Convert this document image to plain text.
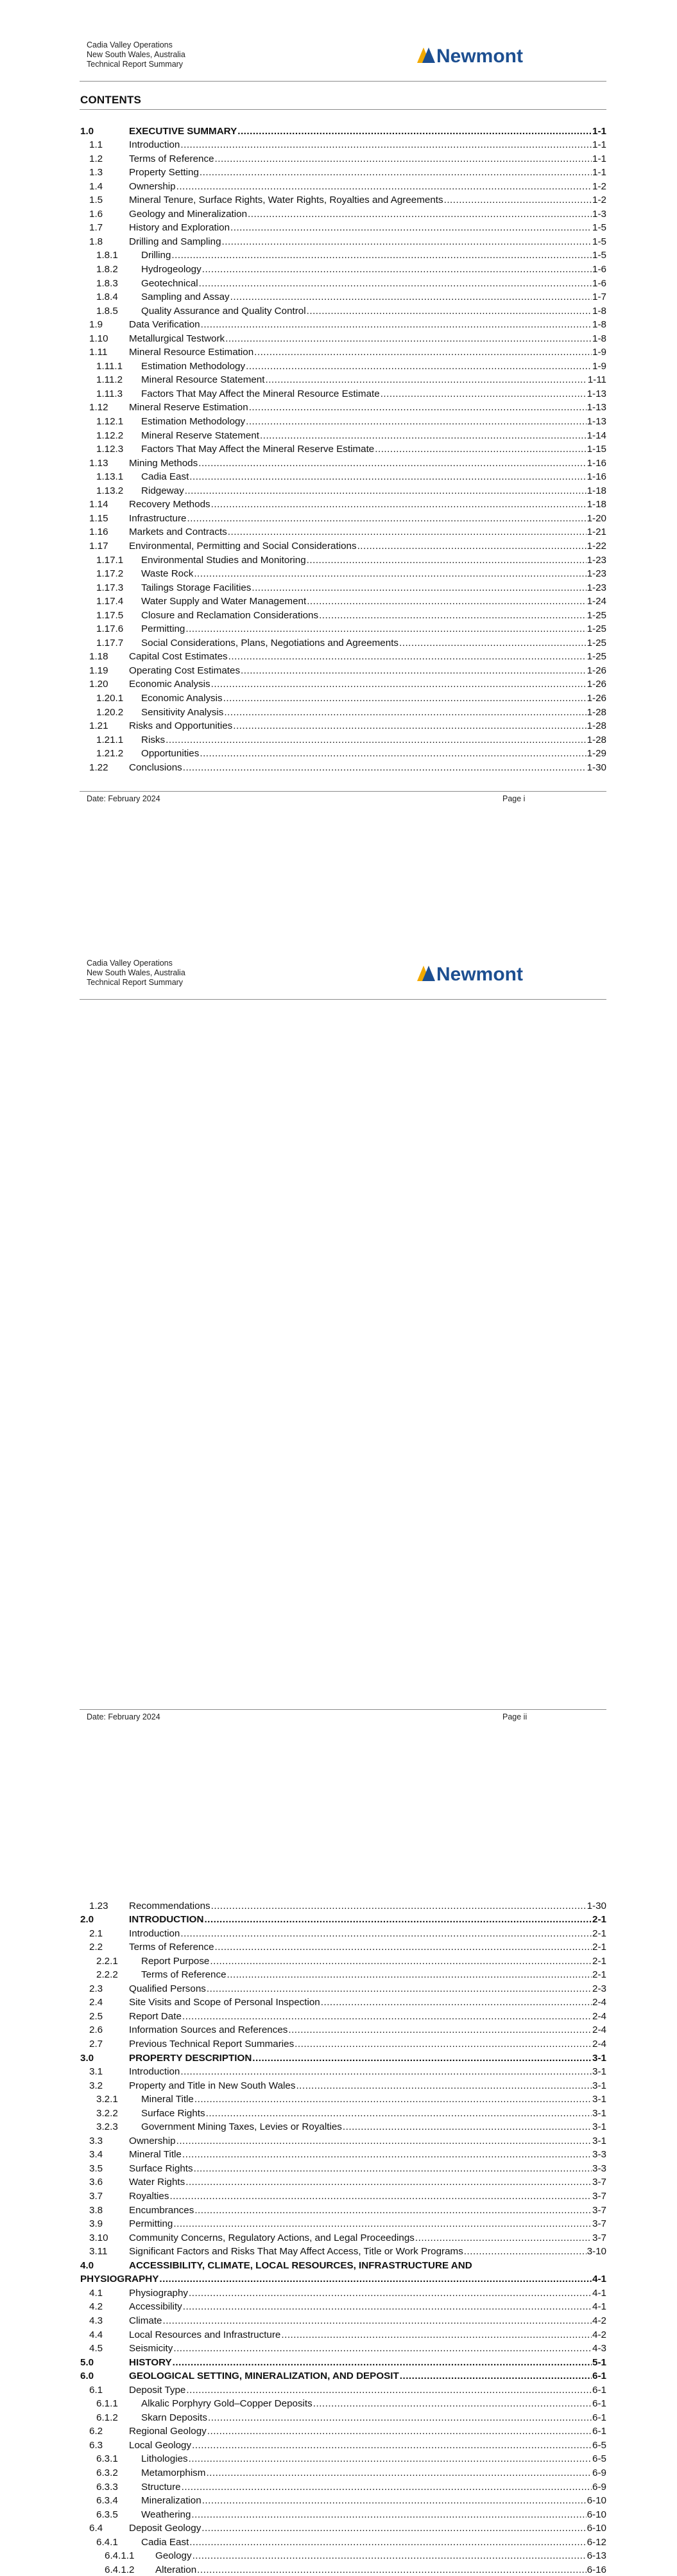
Cadia Valley Operations
New South Wales, Australia
Technical Report Summary	Newmont
CONTENTS
1.0	EXECUTIVE SUMMARY .....	1-1
1.1	Introduction .....	1-1
1.2	Terms of Reference .....	1-1
1.3	Property Setting .....	1-1
1.4	Ownership .....	1-2
1.5	Mineral Tenure, Surface Rights, Water Rights, Royalties and Agreements .....	1-2
1.6	Geology and Mineralization .....	1-3
1.7	History and Exploration .....	1-5
1.8	Drilling and Sampling .....	1-5
1.8.1	Drilling .....	1-5
1.8.2	Hydrogeology .....	1-6
1.8.3	Geotechnical .....	1-6
1.8.4	Sampling and Assay .....	1-7
1.8.5	Quality Assurance and Quality Control .....	1-8
1.9	Data Verification .....	1-8
1.10	Metallurgical Testwork .....	1-8
1.11	Mineral Resource Estimation .....	1-9
1.11.1	Estimation Methodology .....	1-9
1.11.2	Mineral Resource Statement .....	1-11
1.11.3	Factors That May Affect the Mineral Resource Estimate .....	1-13
1.12	Mineral Reserve Estimation .....	1-13
1.12.1	Estimation Methodology .....	1-13
1.12.2	Mineral Reserve Statement .....	1-14
1.12.3	Factors That May Affect the Mineral Reserve Estimate .....	1-15
1.13	Mining Methods .....	1-16
1.13.1	Cadia East .....	1-16
1.13.2	Ridgeway .....	1-18
1.14	Recovery Methods .....	1-18
1.15	Infrastructure .....	1-20
1.16	Markets and Contracts .....	1-21
1.17	Environmental, Permitting and Social Considerations .....	1-22
1.17.1	Environmental Studies and Monitoring .....	1-23
1.17.2	Waste Rock .....	1-23
1.17.3	Tailings Storage Facilities .....	1-23
1.17.4	Water Supply and Water Management .....	1-24
1.17.5	Closure and Reclamation Considerations .....	1-25
1.17.6	Permitting .....	1-25
1.17.7	Social Considerations, Plans, Negotiations and Agreements .....	1-25
1.18	Capital Cost Estimates .....	1-25
1.19	Operating Cost Estimates .....	1-26
1.20	Economic Analysis .....	1-26
1.20.1	Economic Analysis .....	1-26
1.20.2	Sensitivity Analysis .....	1-28
1.21	Risks and Opportunities .....	1-28
1.21.1	Risks .....	1-28
1.21.2	Opportunities .....	1-29
1.22	Conclusions .....	1-30
Date: February 2024	Page i
Cadia Valley Operations
New South Wales, Australia
Technical Report Summary	Newmont
1.23	Recommendations .....	1-30
2.0	INTRODUCTION .....	2-1
2.1	Introduction .....	2-1
2.2	Terms of Reference .....	2-1
2.2.1	Report Purpose .....	2-1
2.2.2	Terms of Reference .....	2-1
2.3	Qualified Persons .....	2-3
2.4	Site Visits and Scope of Personal Inspection .....	2-4
2.5	Report Date .....	2-4
2.6	Information Sources and References .....	2-4
2.7	Previous Technical Report Summaries .....	2-4
3.0	PROPERTY DESCRIPTION .....	3-1
3.1	Introduction .....	3-1
3.2	Property and Title in New South Wales .....	3-1
3.2.1	Mineral Title .....	3-1
3.2.2	Surface Rights .....	3-1
3.2.3	Government Mining Taxes, Levies or Royalties .....	3-1
3.3	Ownership .....	3-1
3.4	Mineral Title .....	3-3
3.5	Surface Rights .....	3-3
3.6	Water Rights .....	3-7
3.7	Royalties .....	3-7
3.8	Encumbrances .....	3-7
3.9	Permitting .....	3-7
3.10	Community Concerns, Regulatory Actions, and Legal Proceedings .....	3-7
3.11	Significant Factors and Risks That May Affect Access, Title or Work Programs .....	3-10
4.0	ACCESSIBILITY, CLIMATE, LOCAL RESOURCES, INFRASTRUCTURE AND
PHYSIOGRAPHY .....	4-1
4.1	Physiography .....	4-1
4.2	Accessibility .....	4-1
4.3	Climate .....	4-2
4.4	Local Resources and Infrastructure .....	4-2
4.5	Seismicity .....	4-3
5.0	HISTORY .....	5-1
6.0	GEOLOGICAL SETTING, MINERALIZATION, AND DEPOSIT .....	6-1
6.1	Deposit Type .....	6-1
6.1.1	Alkalic Porphyry Gold–Copper Deposits .....	6-1
6.1.2	Skarn Deposits .....	6-1
6.2	Regional Geology .....	6-1
6.3	Local Geology .....	6-5
6.3.1	Lithologies .....	6-5
6.3.2	Metamorphism .....	6-9
6.3.3	Structure .....	6-9
6.3.4	Mineralization .....	6-10
6.3.5	Weathering .....	6-10
6.4	Deposit Geology .....	6-10
6.4.1	Cadia East .....	6-12
6.4.1.1	Geology .....	6-13
6.4.1.2	Alteration .....	6-16
Date: February 2024	Page ii
